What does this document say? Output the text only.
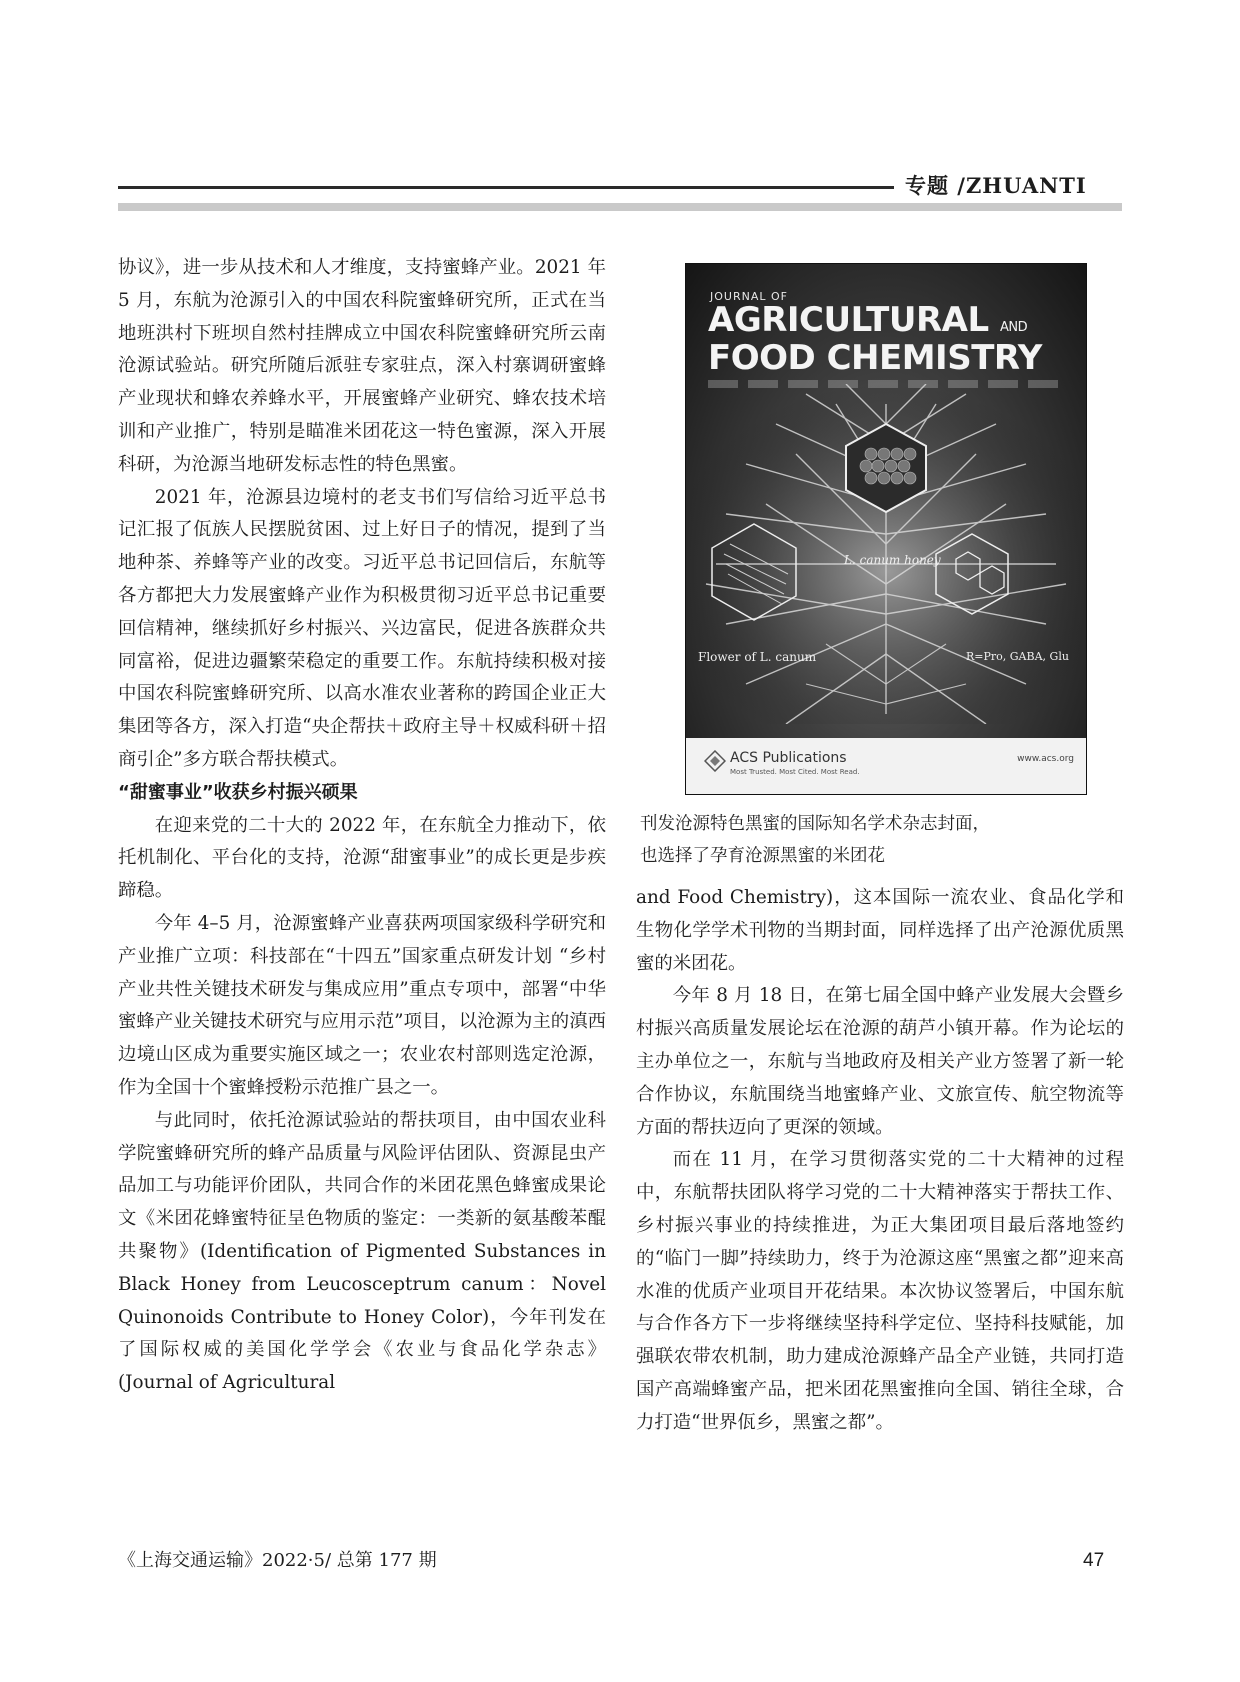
专题 /ZHUANTI

协议》，进一步从技术和人才维度，支持蜜蜂产业。2021 年 5 月，东航为沧源引入的中国农科院蜜蜂研究所，正式在当地班洪村下班坝自然村挂牌成立中国农科院蜜蜂研究所云南沧源试验站。研究所随后派驻专家驻点，深入村寨调研蜜蜂产业现状和蜂农养蜂水平，开展蜜蜂产业研究、蜂农技术培训和产业推广，特别是瞄准米团花这一特色蜜源，深入开展科研，为沧源当地研发标志性的特色黑蜜。

2021 年，沧源县边境村的老支书们写信给习近平总书记汇报了佤族人民摆脱贫困、过上好日子的情况，提到了当地种茶、养蜂等产业的改变。习近平总书记回信后，东航等各方都把大力发展蜜蜂产业作为积极贯彻习近平总书记重要回信精神，继续抓好乡村振兴、兴边富民，促进各族群众共同富裕，促进边疆繁荣稳定的重要工作。东航持续积极对接中国农科院蜜蜂研究所、以高水准农业著称的跨国企业正大集团等各方，深入打造“央企帮扶＋政府主导＋权威科研＋招商引企”多方联合帮扶模式。

“甜蜜事业”收获乡村振兴硕果

在迎来党的二十大的 2022 年，在东航全力推动下，依托机制化、平台化的支持，沧源“甜蜜事业”的成长更是步疾蹄稳。

今年 4–5 月，沧源蜜蜂产业喜获两项国家级科学研究和产业推广立项：科技部在“十四五”国家重点研发计划 “乡村产业共性关键技术研发与集成应用”重点专项中，部署“中华蜜蜂产业关键技术研究与应用示范”项目，以沧源为主的滇西边境山区成为重要实施区域之一；农业农村部则选定沧源，作为全国十个蜜蜂授粉示范推广县之一。

与此同时，依托沧源试验站的帮扶项目，由中国农业科学院蜜蜂研究所的蜂产品质量与风险评估团队、资源昆虫产品加工与功能评价团队，共同合作的米团花黑色蜂蜜成果论文《米团花蜂蜜特征呈色物质的鉴定：一类新的氨基酸苯醌共聚物》(Identification of Pigmented Substances in Black Honey from Leucosceptrum canum：Novel Quinonoids Contribute to Honey Color)，今年刊发在了国际权威的美国化学学会《农业与食品化学杂志》(Journal of Agricultural

JOURNAL OF
AGRICULTURAL AND
FOOD CHEMISTRY
L. canum honey
Flower of L. canum	R=Pro, GABA, Glu
ACS Publications
Most Trusted. Most Cited. Most Read.
www.acs.org
刊发沧源特色黑蜜的国际知名学术杂志封面，
也选择了孕育沧源黑蜜的米团花

and Food Chemistry)，这本国际一流农业、食品化学和生物化学学术刊物的当期封面，同样选择了出产沧源优质黑蜜的米团花。

今年 8 月 18 日，在第七届全国中蜂产业发展大会暨乡村振兴高质量发展论坛在沧源的葫芦小镇开幕。作为论坛的主办单位之一，东航与当地政府及相关产业方签署了新一轮合作协议，东航围绕当地蜜蜂产业、文旅宣传、航空物流等方面的帮扶迈向了更深的领域。

而在 11 月，在学习贯彻落实党的二十大精神的过程中，东航帮扶团队将学习党的二十大精神落实于帮扶工作、乡村振兴事业的持续推进，为正大集团项目最后落地签约的“临门一脚”持续助力，终于为沧源这座“黑蜜之都”迎来高水准的优质产业项目开花结果。本次协议签署后，中国东航与合作各方下一步将继续坚持科学定位、坚持科技赋能，加强联农带农机制，助力建成沧源蜂产品全产业链，共同打造国产高端蜂蜜产品，把米团花黑蜜推向全国、销往全球，合力打造“世界佤乡，黑蜜之都”。

《上海交通运输》2022·5/ 总第 177 期	47
